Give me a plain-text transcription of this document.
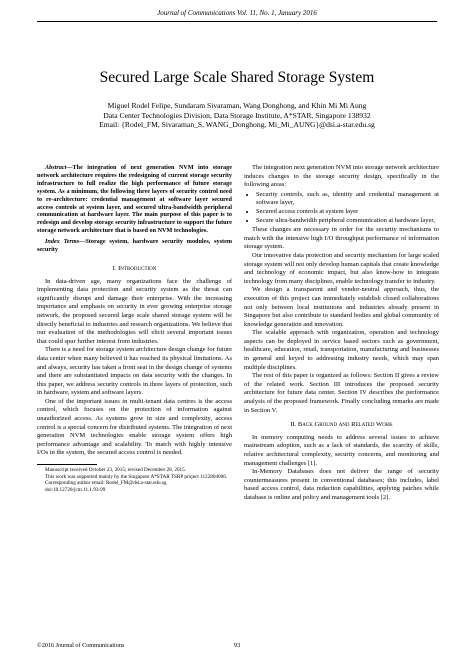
Journal of Communications Vol. 11, No. 1, January 2016
Secured Large Scale Shared Storage System
Miguel Rodel Felipe, Sundaram Sivaraman, Wang Donghong, and Khin Mi Mi Aung
Data Center Technologies Division, Data Storage Institute, A*STAR, Singapore 138932
Email: {Rodel_FM, Sivaraman_S, WANG_Donghong, Mi_Mi_AUNG}@dsi.a-star.edu.sg

Abstract—The integration of next generation NVM into storage network architecture requires the redesigning of current storage security infrastructure to full realize the high performance of future storage system. As a minimum, the following three layers of security control need to re-architecture: credential management at software layer secured access controls at system layer, and secured ultra-bandwidth peripheral communication at hardware layer. The main purpose of this paper is to redesign and develop storage security infrastructure to support the future storage network architecture that is based on NVM technologies.

Index Terms—Storage system, hardware security modules, system security

I. Introduction

In data-driven age, many organizations face the challenge of implementing data protection and security system as the threat can significantly disrupt and damage their enterprise. With the increasing importance and emphasis on security in ever growing enterprise storage network, the proposed secured large scale shared storage system will be directly beneficial to industries and research organizations. We believe that our evaluation of the methodologies will elicit several important issues that could spur further interest from industries.

There is a need for storage system architecture design change for future data center when many believed it has reached its physical limitations. As and always, security has taken a front seat in the design change of systems and there are substantiated impacts on data security with the changes. In this paper, we address security controls in three layers of protection, such in hardware, system and software layers.

One of the important issues in multi-tenant data centres is the access control, which focuses on the protection of information against unauthorized access. As systems grow in size and complexity, access control is a special concern for distributed systems. The integration of next generation NVM technologies enable storage system offers high performance advantage and scalability. To match with highly intensive I/Os in the system, the secured access control is needed.

Manuscript received October 23, 2015; revised December 28, 2015.

This work was supported mainly by the Singapore A*STAR TSRP project 1122804006.

Corresponding author email: Rodel_FM@dsi.a-star.edu.sg

doi:10.12720/jcm.11.1.93-99

The integration next generation NVM into storage network architecture induces changes to the storage security design, specifically in the following areas:

• Security controls, such as, identity and credential management at software layer,
• Secured access controls at system layer
• Secure ultra-bandwidth peripheral communication at hardware layer,

These changes are necessary in order for the security mechanisms to match with the intensive high I/O throughput performance of information storage system.

Our innovative data protection and security mechanism for large scaled storage system will not only develop human capitals that create knowledge and technology of economic impact, but also know-how to integrate technology from many disciplines, enable technology transfer to industry.

We design a transparent and vendor-neutral approach, thus, the execution of this project can immediately establish closed collaborations not only between local institutions and industries already present in Singapore but also contribute to standard bodies and global community of knowledge generation and innovation.

The scalable approach with organization, operation and technology aspects can be deployed in service based sectors such as government, healthcare, education, retail, transportation, manufacturing and businesses in general and keyed to addressing industry needs, which may span multiple disciplines.

The rest of this paper is organized as follows: Section II gives a review of the related work. Section III introduces the proposed security architecture for future data center. Section IV describes the performance analysis of the proposed framework. Finally concluding remarks are made in Section V.

II. Back Ground and Related Work

In memory computing needs to address several issues to achieve mainstream adoption, such as a lack of standards, the scarcity of skills, relative architectural complexity, security concerns, and monitoring and management challenges [1].

In-Memory Databases does not deliver the range of security countermeasures present in conventional databases; this includes, label based access control, data redaction capabilities, applying patches while database is online and policy and management tools [2].

©2016 Journal of Communications	93
